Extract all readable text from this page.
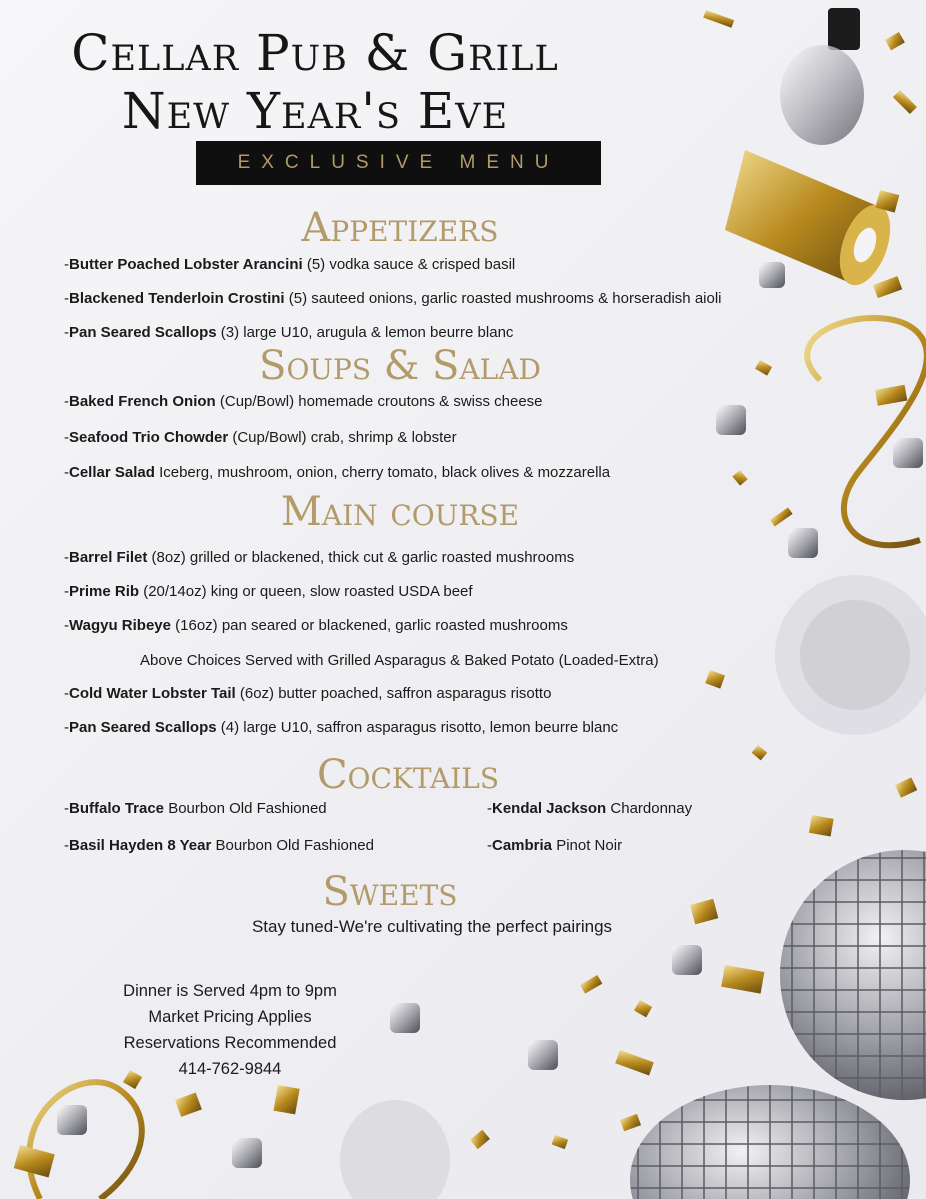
Cellar Pub & Grill
New Year's Eve
EXCLUSIVE MENU
Appetizers
-Butter Poached Lobster Arancini (5) vodka sauce & crisped basil
-Blackened Tenderloin Crostini (5) sauteed onions, garlic roasted mushrooms & horseradish aioli
-Pan Seared Scallops (3) large U10, arugula & lemon beurre blanc
Soups & Salad
-Baked French Onion (Cup/Bowl) homemade croutons & swiss cheese
-Seafood Trio Chowder (Cup/Bowl) crab, shrimp & lobster
-Cellar Salad Iceberg, mushroom, onion, cherry tomato, black olives & mozzarella
Main course
-Barrel Filet (8oz) grilled or blackened, thick cut & garlic roasted mushrooms
-Prime Rib (20/14oz) king or queen, slow roasted USDA beef
-Wagyu Ribeye (16oz) pan seared or blackened, garlic roasted mushrooms
Above Choices Served with Grilled Asparagus & Baked Potato (Loaded-Extra)
-Cold Water Lobster Tail (6oz) butter poached, saffron asparagus risotto
-Pan Seared Scallops (4) large U10, saffron asparagus risotto, lemon beurre blanc
Cocktails
-Buffalo Trace Bourbon Old Fashioned	-Kendal Jackson Chardonnay
-Basil Hayden 8 Year Bourbon Old Fashioned	-Cambria Pinot Noir
Sweets
Stay tuned-We're cultivating the perfect pairings
Dinner is Served 4pm to 9pm
Market Pricing Applies
Reservations Recommended
414-762-9844
